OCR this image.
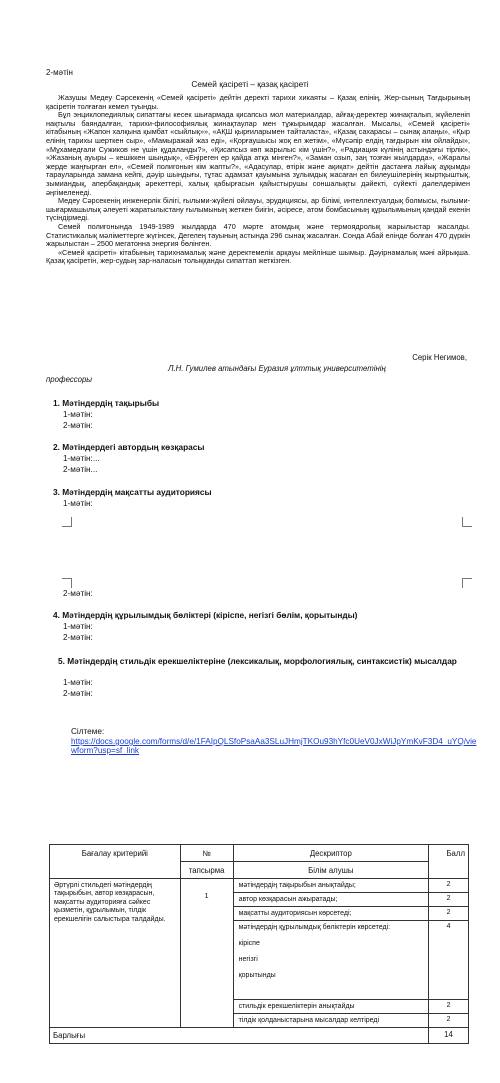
2-мәтін
Семей қасіреті – қазақ қасіреті

Жазушы Медеу Сәрсекенің «Семей қасіреті» дейтін деректі тарихи хикаяты – Қазақ елінің, Жер-сының Тағдырының қасіретін толғаған кемел туынды.

Бұл энциклопедиялық сипаттағы кесек шығармада қисапсыз мол материалдар, айғақ-деректер жинақталып, жүйеленіп нақтылы баяндалған, тарихи-философиялық жинақтаулар мен тұжырымдар жасалған. Мысалы, «Семей қасіреті» кітабының «Жапон халқына қымбат «сыйлық»», «АҚШ қырғиларымен тайталаста», «Қазақ сахарасы – сынақ алаңы», «Қыр елінің тарихы шерткен сыр», «Мамыражай жаз еді», «Қорғаушысы жоқ ел жетім», «Мүсәпір елдің тағдырын кім ойлайды», «Мұхамедғали Сужиков не үшін құдаланды?», «Қисапсыз көп жарылыс кім үшін?», «Радиация күлінің астындағы тірлік», «Жазаның ауыры – кешіккен шындық», «Еңіреген ер қайда атқа мінген?», «Заман озып, заң тозған жылдарда», «Жаралы жерде жаңғырған ел», «Семей полигонын кім жапты?», «Адасулар, өтірік және ақиқат» дейтін дастанға лайық аұқымды тарауларында замана кейпі, дәуір шындығы, тұтас адамзат қауымына зұлымдық жасаған ел билеушілерінің жыртқыштық, зымиандық, апербақандық әрекеттері, халық қабырғасын қайыстырушы соншалықты дәйекті, сүйекті дәлелдерімен әңгімеленеді.

Медеу Сәрсекенің инженерлік білігі, ғылыми-жүйелі ойлауы, эрудициясы, ар білімі, интеллектуалдық болмысы, ғылыми-шығармашылық әлеуеті жаратылыстану ғылымының жеткен биігін, әсіресе, атом бомбасының құрылымының қандай екенін түсіндірмеді.

Семей полигонында 1949-1989 жылдарда 470 мәрте атомдық және термоядролық жарылыстар жасалды. Статистикалық мәліметтерге жүгінсек, Дегелең тауының астында 296 сынақ жасалған. Сонда Абай елінде болған 470 дүркін жарылыстан – 2500 мегатонна энергия бөлінген.

«Семей қасіреті» кітабының тарихнамалық және деректемелік арқауы мейлінше шымыр. Дәуірнамалық мәні айрықша. Қазақ қасіретін, жер-судың зар-наласын толыққанды сипаттап жеткізген.

Серік Негимов,
Л.Н. Гумилев атындағы Еуразия ұлттық университетінің
профессоры
1. Мәтіндердің тақырыбы
1-мәтін:
2-мәтін:
2. Мәтіндердегі автордың көзқарасы
1-мәтін:...
2-мәтін...
3. Мәтіндердің мақсатты аудиториясы
1-мәтін:
2-мәтін:
4. Мәтіндердің құрылымдық бөліктері (кіріспе, негізгі бөлім, қорытынды)
1-мәтін:
2-мәтін:
5. Мәтіндердің стильдік ерекшеліктеріне (лексикалық, морфологиялық, синтаксистік) мысалдар
1-мәтін:
2-мәтін:
Сілтеме:
https://docs.google.com/forms/d/e/1FAIpQLSfoPsaAa3SLuJHmjTKOu93hYfc0UeV0JxWiJpYmKvF3D4_uYQ/viewform?usp=sf_link
Бағалау критерийі	№	Дескриптор	Балл
	тапсырма	Білім алушы	
Әртүрлі стильдегі мәтіндердің тақырыбын, автор көзқарасын, мақсатты аудиторияға сәйкес қызметін, құрылымын, тілдік ерекшелігін салыстыра талдайды.	1	мәтіндердің тақырыбын анықтайды;	2
		автор көзқарасын ажыратады;	2
		мақсатты аудиториясын көрсетеді;	2

		мәтіндердің құрылымдық бөліктерін көрсетеді:
кіріспе
негізгі
қорытынды	4
		стильдік ерекшеліктерін анықтайды	2
		тілдік қолданыстарына мысалдар келтіреді	2
Барлығы			14
